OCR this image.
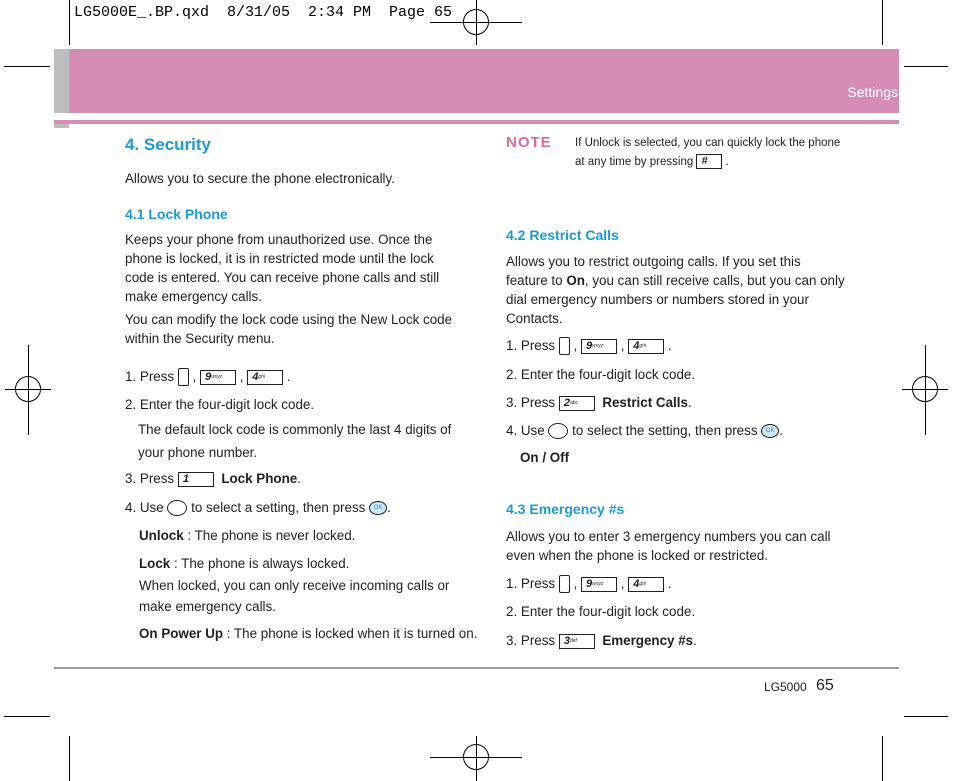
LG5000E_.BP.qxd  8/31/05  2:34 PM  Page 65
Settings
4. Security
Allows you to secure the phone electronically.
4.1 Lock Phone
Keeps your phone from unauthorized use. Once the phone is locked, it is in restricted mode until the lock code is entered. You can receive phone calls and still make emergency calls.
You can modify the lock code using the New Lock code within the Security menu.
1. Press  , $9^{wxyz}$ , $4^{ghi}$ .
2. Enter the four-digit lock code.
The default lock code is commonly the last 4 digits of your phone number.
3. Press 1 Lock Phone.
4. Use to select a setting, then press OK .
Unlock : The phone is never locked.
Lock : The phone is always locked.
When locked, you can only receive incoming calls or make emergency calls.
On Power Up : The phone is locked when it is turned on.
NOTE If Unlock is selected, you can quickly lock the phone
at any time by pressing # .
4.2 Restrict Calls
Allows you to restrict outgoing calls. If you set this feature to On, you can still receive calls, but you can only dial emergency numbers or numbers stored in your Contacts.
1. Press  , $9^{wxyz}$ , $4^{ghi}$ .
2. Enter the four-digit lock code.
3. Press $2^{abc}$ Restrict Calls.
4. Use to select the setting, then press OK .
On / Off
4.3 Emergency #s
Allows you to enter 3 emergency numbers you can call even when the phone is locked or restricted.
1. Press  , $9^{wxyz}$ , $4^{ghi}$ .
2. Enter the four-digit lock code.
3. Press $3^{def}$ Emergency #s.
LG5000 65
